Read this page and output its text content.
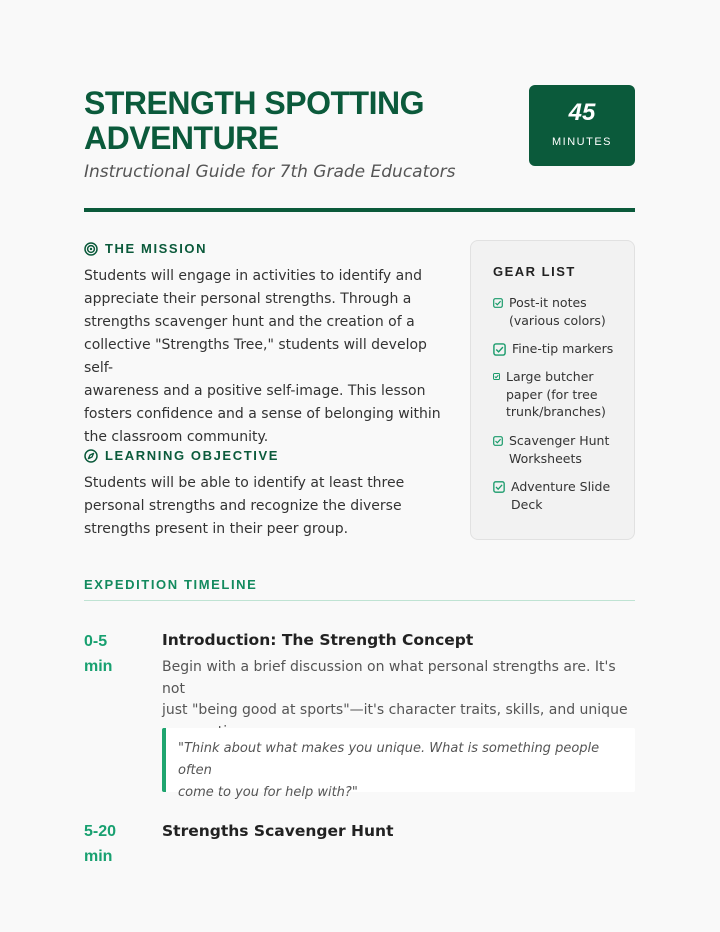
STRENGTH SPOTTING
ADVENTURE
Instructional Guide for 7th Grade Educators
45
MINUTES
THE MISSION
Students will engage in activities to identify and
appreciate their personal strengths. Through a
strengths scavenger hunt and the creation of a
collective "Strengths Tree," students will develop self-
awareness and a positive self-image. This lesson
fosters confidence and a sense of belonging within
the classroom community.
LEARNING OBJECTIVE
Students will be able to identify at least three
personal strengths and recognize the diverse
strengths present in their peer group.
GEAR LIST
Post-it notes
(various colors)
Fine-tip markers
Large butcher
paper (for tree
trunk/branches)
Scavenger Hunt
Worksheets
Adventure Slide
Deck
EXPEDITION TIMELINE
0-5
min
Introduction: The Strength Concept
Begin with a brief discussion on what personal strengths are. It's not
just "being good at sports"—it's character traits, skills, and unique
"Think about what makes you unique. What is something people often
come to you for help with?"
5-20
min
Strengths Scavenger Hunt
